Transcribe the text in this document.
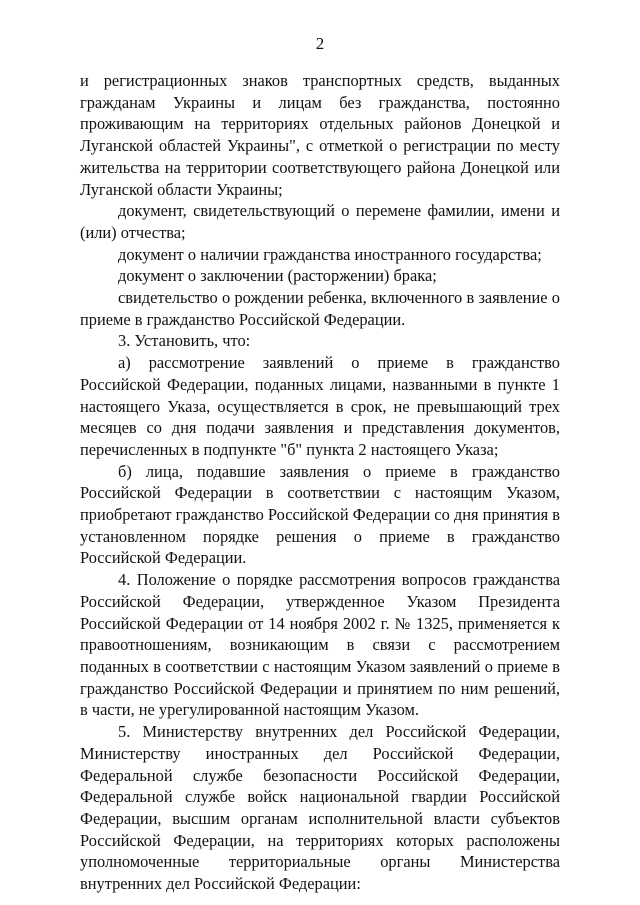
2

и регистрационных знаков транспортных средств, выданных гражданам Украины и лицам без гражданства, постоянно проживающим на территориях отдельных районов Донецкой и Луганской областей Украины", с отметкой о регистрации по месту жительства на территории соответствующего района Донецкой или Луганской области Украины;

документ, свидетельствующий о перемене фамилии, имени и (или) отчества;

документ о наличии гражданства иностранного государства;

документ о заключении (расторжении) брака;

свидетельство о рождении ребенка, включенного в заявление о приеме в гражданство Российской Федерации.

3. Установить, что:

а) рассмотрение заявлений о приеме в гражданство Российской Федерации, поданных лицами, названными в пункте 1 настоящего Указа, осуществляется в срок, не превышающий трех месяцев со дня подачи заявления и представления документов, перечисленных в подпункте "б" пункта 2 настоящего Указа;

б) лица, подавшие заявления о приеме в гражданство Российской Федерации в соответствии с настоящим Указом, приобретают гражданство Российской Федерации со дня принятия в установленном порядке решения о приеме в гражданство Российской Федерации.

4. Положение о порядке рассмотрения вопросов гражданства Российской Федерации, утвержденное Указом Президента Российской Федерации от 14 ноября 2002 г. № 1325, применяется к правоотношениям, возникающим в связи с рассмотрением поданных в соответствии с настоящим Указом заявлений о приеме в гражданство Российской Федерации и принятием по ним решений, в части, не урегулированной настоящим Указом.

5. Министерству внутренних дел Российской Федерации, Министерству иностранных дел Российской Федерации, Федеральной службе безопасности Российской Федерации, Федеральной службе войск национальной гвардии Российской Федерации, высшим органам исполнительной власти субъектов Российской Федерации, на территориях которых расположены уполномоченные территориальные органы Министерства внутренних дел Российской Федерации:
